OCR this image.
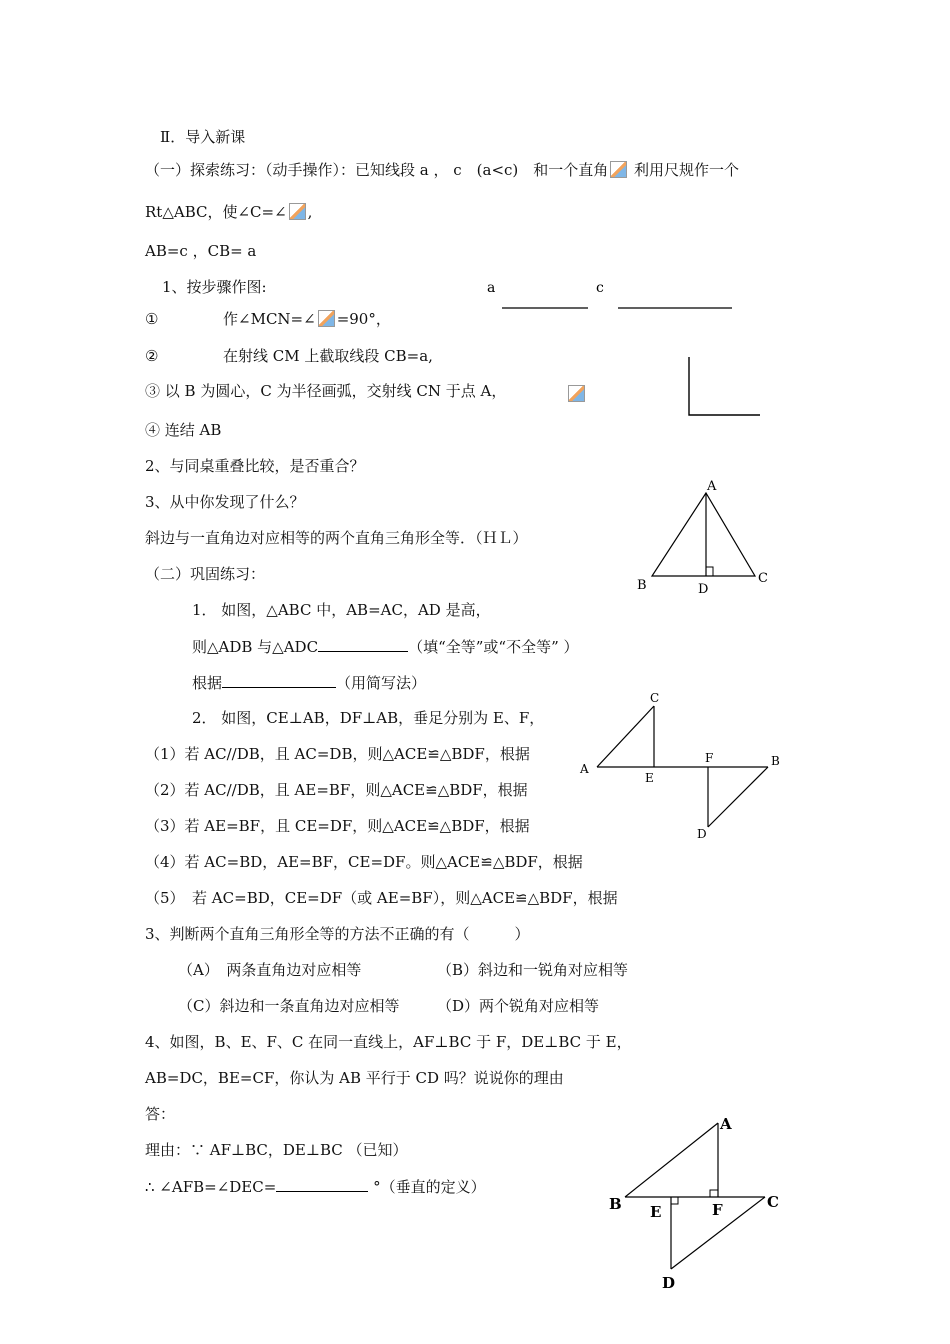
Ⅱ．导入新课
（一）探索练习：（动手操作）：已知线段 a ， c　(a<c)　和一个直角 利用尺规作一个
Rt△ABC，使∠C=∠ ,
AB=c ，CB= a
1、按步骤作图:
①	作∠MCN=∠ =90°，
②	在射线 CM 上截取线段 CB=a,
③ 以 B 为圆心，C 为半径画弧，交射线 CN 于点 A，
④ 连结 AB
2、与同桌重叠比较，是否重合？
3、从中你发现了什么？
斜边与一直角边对应相等的两个直角三角形全等．（ＨＬ）
（二）巩固练习：
1． 如图，△ABC 中，AB=AC，AD 是高，
则△ADB 与△ADC	（填“全等”或“不全等” ）
根据	（用简写法）
2． 如图，CE⊥AB，DF⊥AB，垂足分别为 E、F，
（1）若 AC//DB，且 AC=DB，则△ACE≌△BDF，根据
（2）若 AC//DB，且 AE=BF，则△ACE≌△BDF，根据
（3）若 AE=BF，且 CE=DF，则△ACE≌△BDF，根据
（4）若 AC=BD，AE=BF，CE=DF。则△ACE≌△BDF，根据
（5）　若 AC=BD，CE=DF（或 AE=BF），则△ACE≌△BDF，根据
3、判断两个直角三角形全等的方法不正确的有（　　　）
（A）　两条直角边对应相等	（B）斜边和一锐角对应相等
（C）斜边和一条直角边对应相等	（D）两个锐角对应相等
4、如图，B、E、F、C 在同一直线上，AF⊥BC 于 F，DE⊥BC 于 E，
AB=DC，BE=CF，你认为 AB 平行于 CD 吗？说说你的理由
答：
理由：∵ AF⊥BC，DE⊥BC （已知）
∴ ∠AFB=∠DEC=	°（垂直的定义）
a	c
A
B	C
D
C
A
E
F	B
D
A
B E	F	C
D
